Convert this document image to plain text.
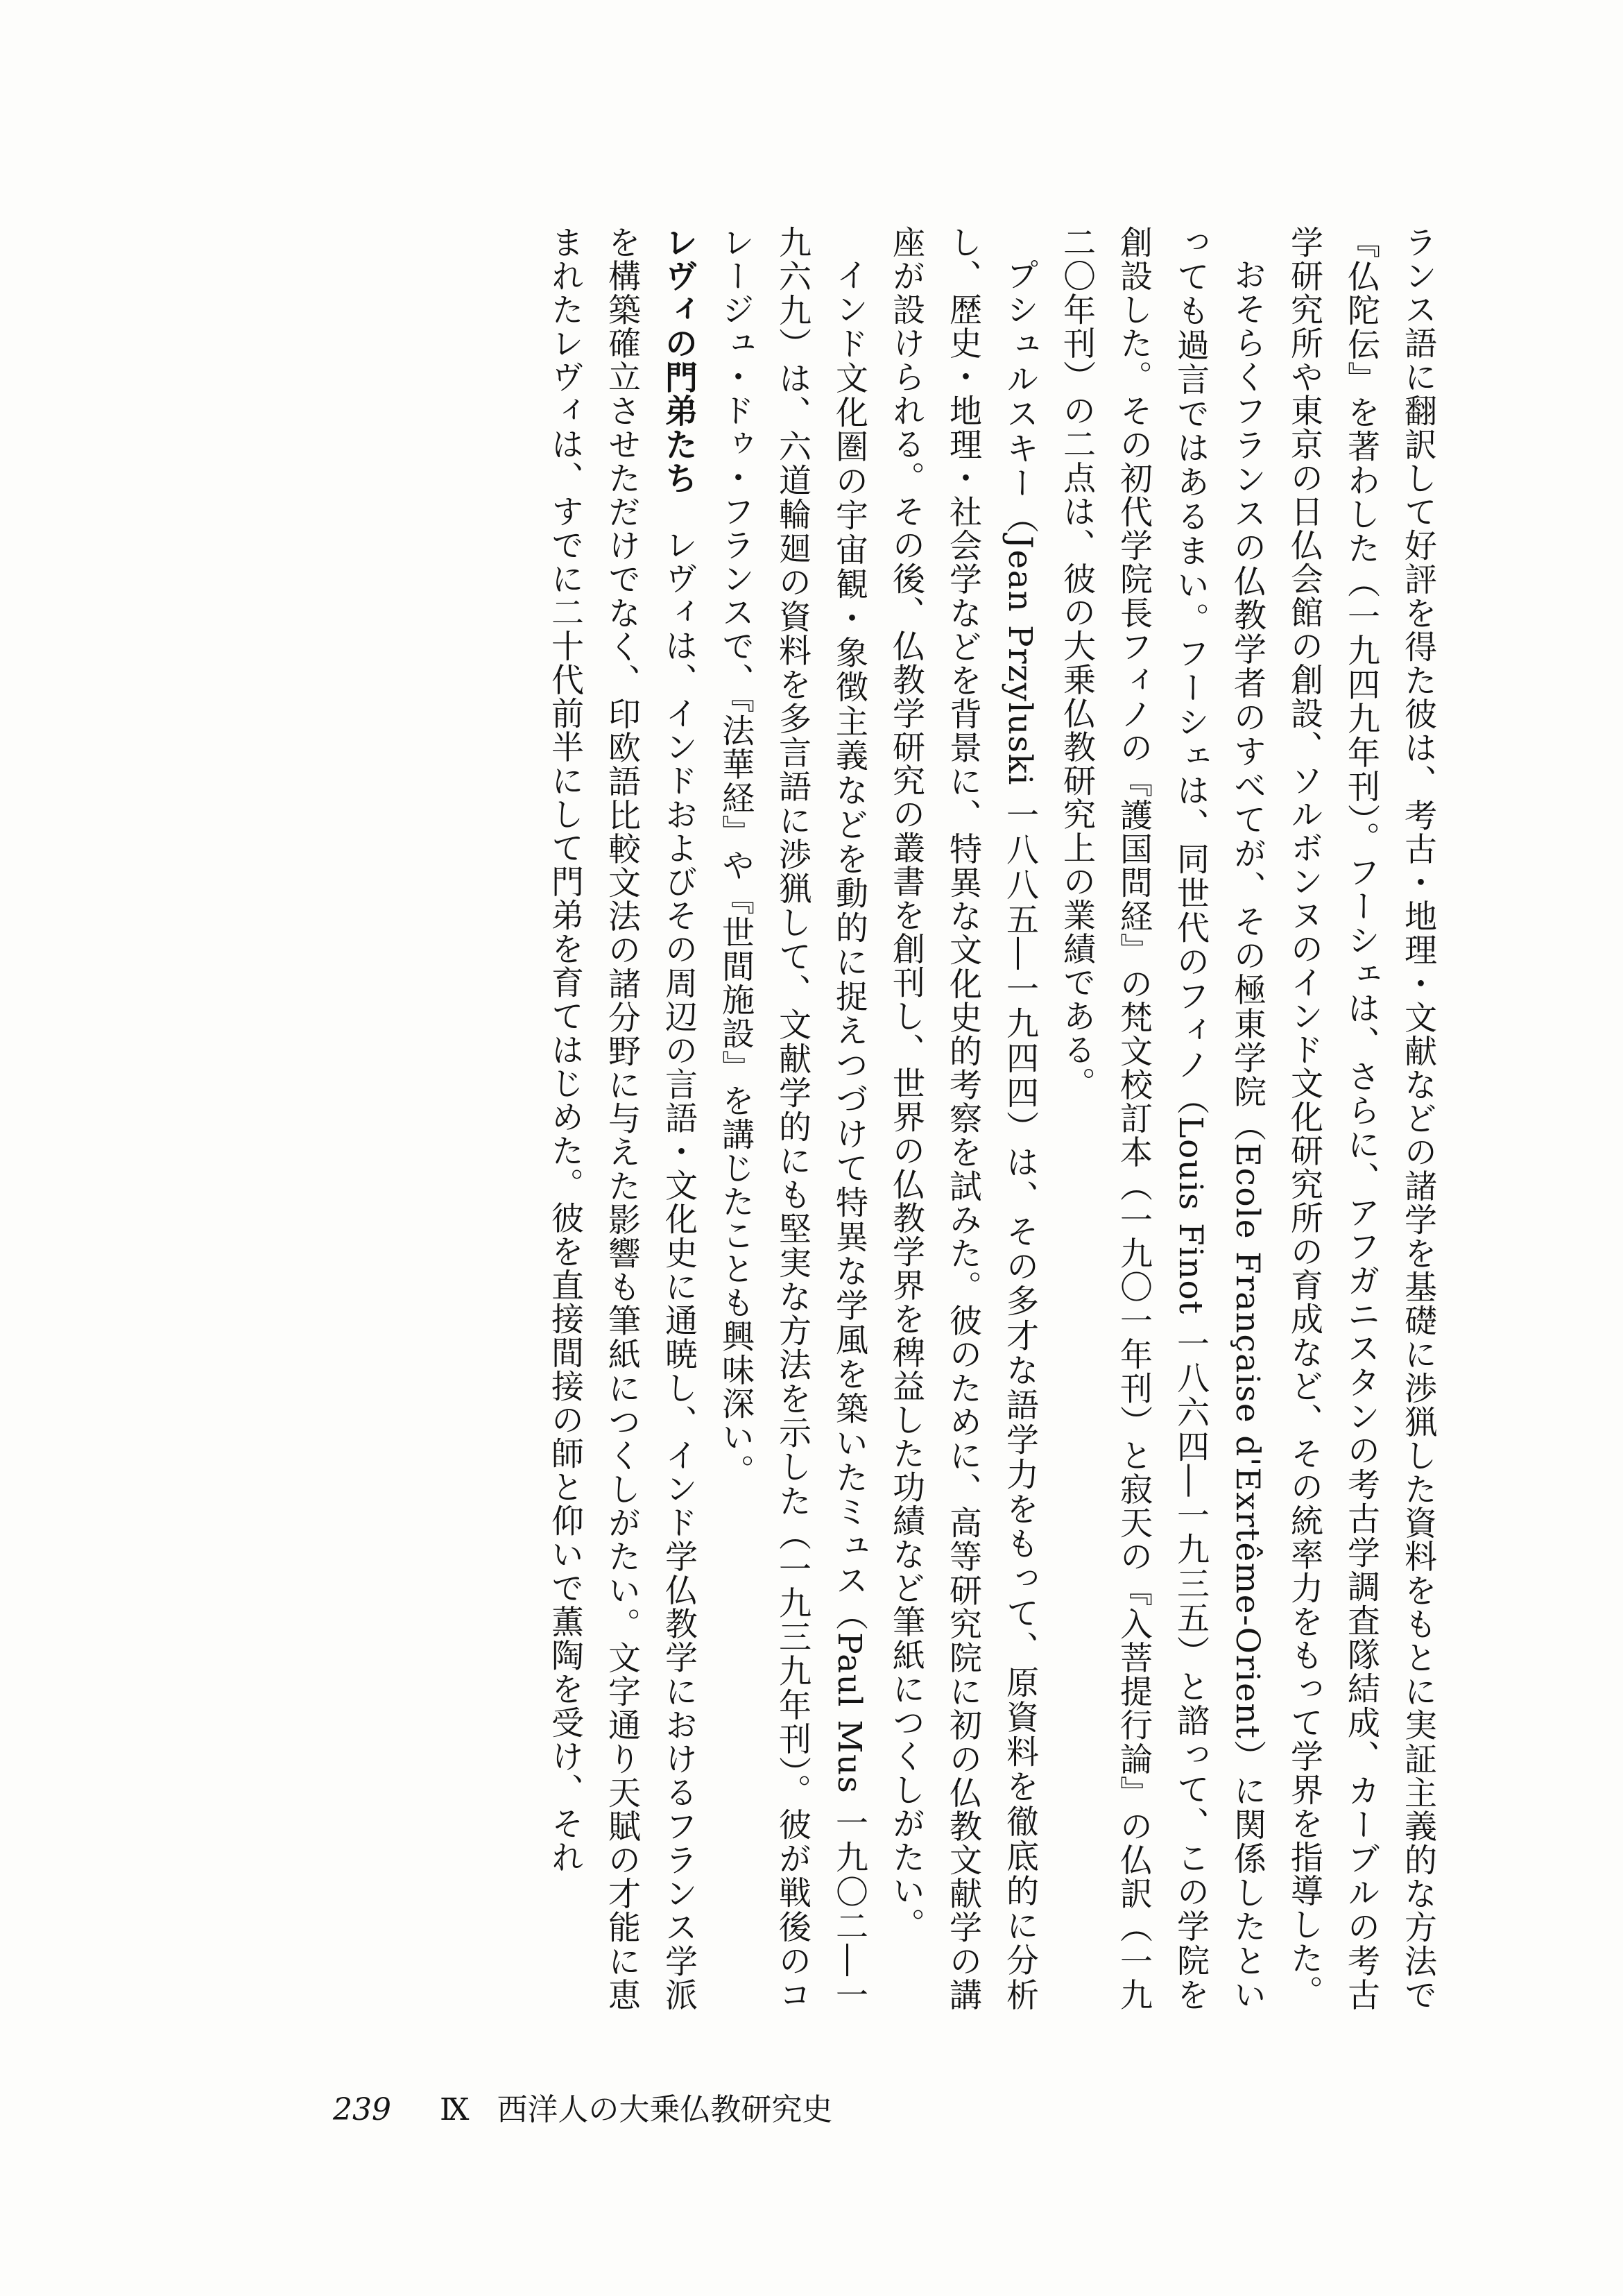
ランス語に翻訳して好評を得た彼は、考古・地理・文献などの諸学を基礎に渉猟した資料をもとに実証主義的な方法で『仏陀伝』を著わした（一九四九年刊）。フーシェは、さらに、アフガニスタンの考古学調査隊結成、カーブルの考古学研究所や東京の日仏会館の創設、ソルボンヌのインド文化研究所の育成など、その統率力をもって学界を指導した。

おそらくフランスの仏教学者のすべてが、その極東学院（Ecole Française d'Exrtême-Orient）に関係したといっても過言ではあるまい。フーシェは、同世代のフィノ（Louis Finot 一八六四―一九三五）と諮って、この学院を創設した。その初代学院長フィノの『護国問経』の梵文校訂本（一九〇一年刊）と寂天の『入菩提行論』の仏訳（一九二〇年刊）の二点は、彼の大乗仏教研究上の業績である。

プシュルスキー（Jean Przyluski 一八八五―一九四四）は、その多才な語学力をもって、原資料を徹底的に分析し、歴史・地理・社会学などを背景に、特異な文化史的考察を試みた。彼のために、高等研究院に初の仏教文献学の講座が設けられる。その後、仏教学研究の叢書を創刊し、世界の仏教学界を稗益した功績など筆紙につくしがたい。

インド文化圏の宇宙観・象徴主義などを動的に捉えつづけて特異な学風を築いたミュス（Paul Mus 一九〇二―一九六九）は、六道輪廻の資料を多言語に渉猟して、文献学的にも堅実な方法を示した（一九三九年刊）。彼が戦後のコレージュ・ドゥ・フランスで、『法華経』や『世間施設』を講じたことも興味深い。

レヴィの門弟たちレヴィは、インドおよびその周辺の言語・文化史に通暁し、インド学仏教学におけるフランス学派を構築確立させただけでなく、印欧語比較文法の諸分野に与えた影響も筆紙につくしがたい。文字通り天賦の才能に恵まれたレヴィは、すでに二十代前半にして門弟を育てはじめた。彼を直接間接の師と仰いで薫陶を受け、それ

239 Ⅸ 西洋人の大乗仏教研究史
